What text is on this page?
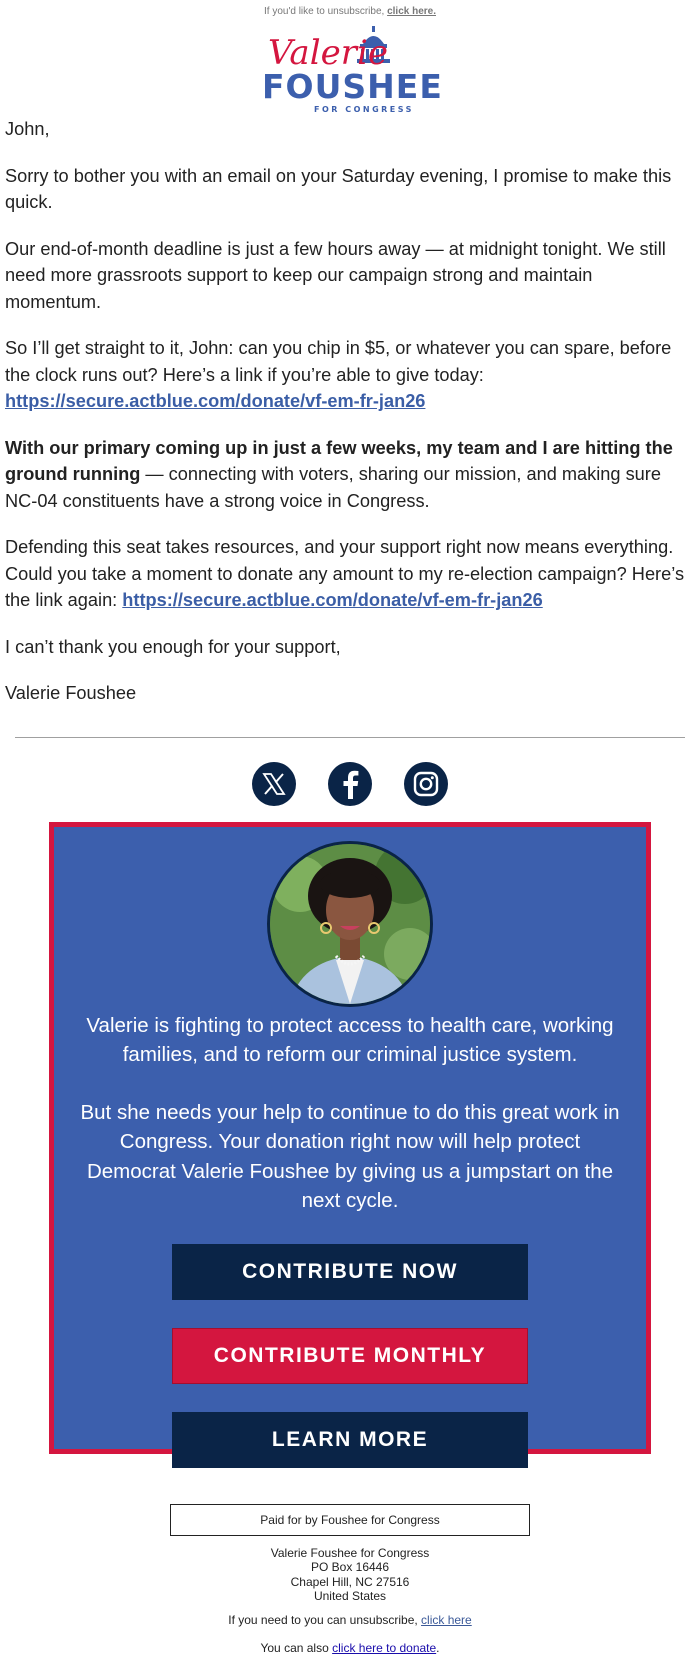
If you'd like to unsubscribe, click here.
Valerie
FOUSHEE
FOR CONGRESS

John,

Sorry to bother you with an email on your Saturday evening, I promise to make this quick.

Our end-of-month deadline is just a few hours away — at midnight tonight. We still need more grassroots support to keep our campaign strong and maintain momentum.

So I’ll get straight to it, John: can you chip in $5, or whatever you can spare, before the clock runs out? Here’s a link if you’re able to give today:
https://secure.actblue.com/donate/vf-em-fr-jan26

With our primary coming up in just a few weeks, my team and I are hitting the ground running — connecting with voters, sharing our mission, and making sure NC-04 constituents have a strong voice in Congress.

Defending this seat takes resources, and your support right now means everything. Could you take a moment to donate any amount to my re-election campaign? Here’s the link again: https://secure.actblue.com/donate/vf-em-fr-jan26

I can’t thank you enough for your support,

Valerie Foushee

Valerie is fighting to protect access to health care, working families, and to reform our criminal justice system.

But she needs your help to continue to do this great work in Congress. Your donation right now will help protect Democrat Valerie Foushee by giving us a jumpstart on the next cycle.

CONTRIBUTE NOW
CONTRIBUTE MONTHLY
LEARN MORE
Paid for by Foushee for Congress
Valerie Foushee for Congress
PO Box 16446
Chapel Hill, NC 27516
United States
If you need to you can unsubscribe, click here
You can also click here to donate.
